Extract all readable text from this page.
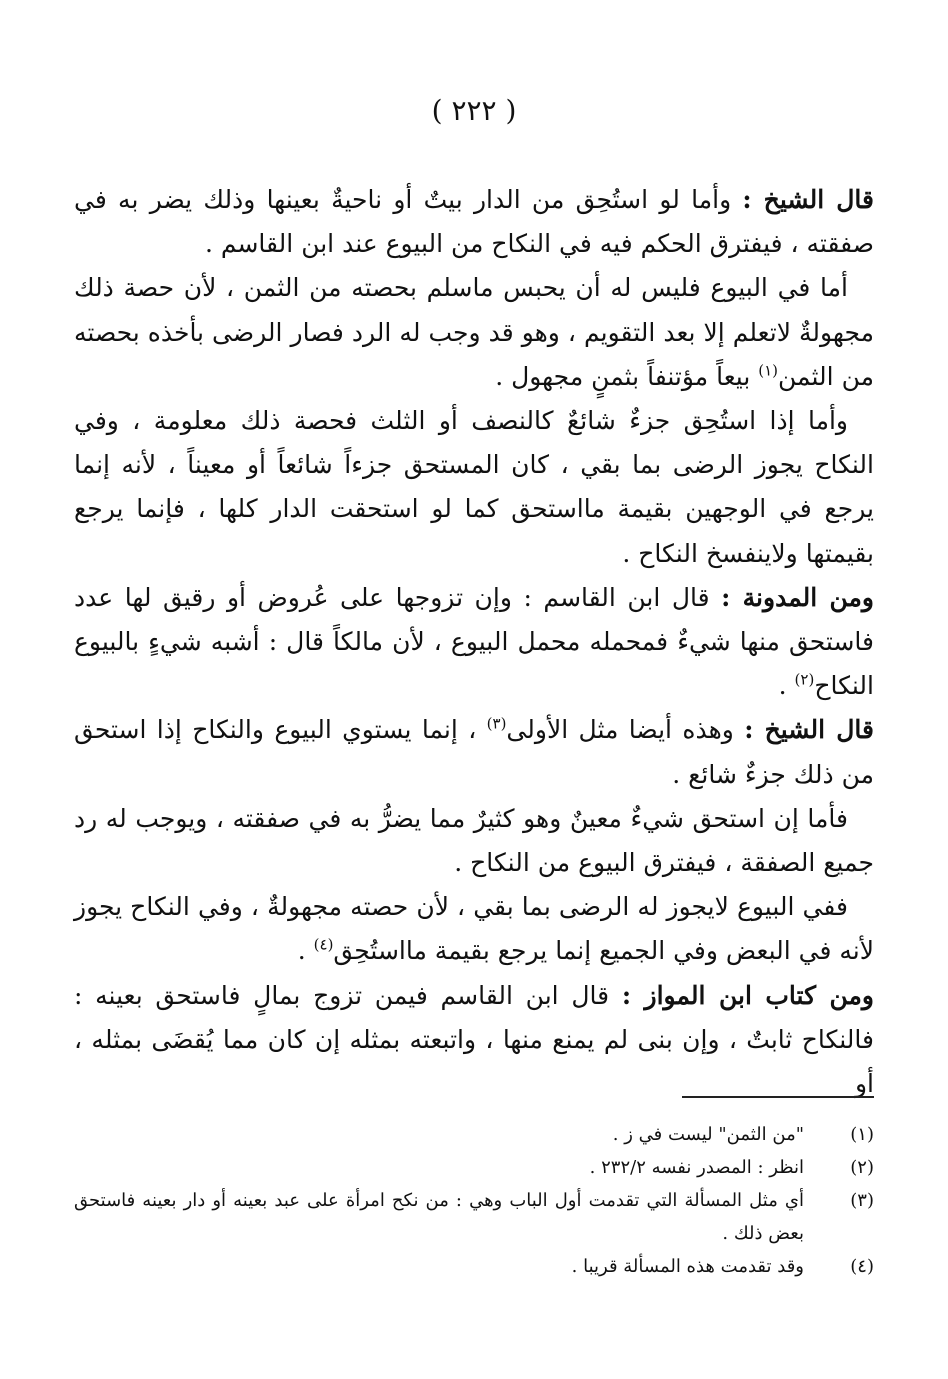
( ٢٢٢ )

قال الشيخ : وأما لو استُحِق من الدار بيتٌ أو ناحيةٌ بعينها وذلك يضر به في صفقته ، فيفترق الحكم فيه في النكاح من البيوع عند ابن القاسم .

أما في البيوع فليس له أن يحبس ماسلم بحصته من الثمن ، لأن حصة ذلك مجهولةٌ لاتعلم إلا بعد التقويم ، وهو قد وجب له الرد فصار الرضى بأخذه بحصته من الثمن$^{(١)}$ بيعاً مؤتنفاً بثمنٍ مجهول .

وأما إذا استُحِق جزءٌ شائعٌ كالنصف أو الثلث فحصة ذلك معلومة ، وفي النكاح يجوز الرضى بما بقي ، كان المستحق جزءاً شائعاً أو معيناً ، لأنه إنما يرجع في الوجهين بقيمة مااستحق كما لو استحقت الدار كلها ، فإنما يرجع بقيمتها ولاينفسخ النكاح .

ومن المدونة : قال ابن القاسم : وإن تزوجها على عُروض أو رقيق لها عدد فاستحق منها شيءٌ فمحمله محمل البيوع ، لأن مالكاً قال : أشبه شيءٍ بالبيوع النكاح$^{(٢)}$ .

قال الشيخ : وهذه أيضا مثل الأولى$^{(٣)}$ ، إنما يستوي البيوع والنكاح إذا استحق من ذلك جزءٌ شائع .

فأما إن استحق شيءٌ معينٌ وهو كثيرٌ مما يضرُّ به في صفقته ، ويوجب له رد جميع الصفقة ، فيفترق البيوع من النكاح .

ففي البيوع لايجوز له الرضى بما بقي ، لأن حصته مجهولةٌ ، وفي النكاح يجوز لأنه في البعض وفي الجميع إنما يرجع بقيمة مااستُحِق$^{(٤)}$ .

ومن كتاب ابن المواز : قال ابن القاسم فيمن تزوج بمالٍ فاستحق بعينه : فالنكاح ثابتٌ ، وإن بنى لم يمنع منها ، واتبعته بمثله إن كان مما يُقضَى بمثله ، أو

(١)
"من الثمن" ليست في ز .
(٢)
انظر : المصدر نفسه ٢٣٢/٢ .
(٣)
أي مثل المسألة التي تقدمت أول الباب وهي : من نكح امرأة على عبد بعينه أو دار بعينه فاستحق بعض ذلك .
(٤)
وقد تقدمت هذه المسألة قريبا .
